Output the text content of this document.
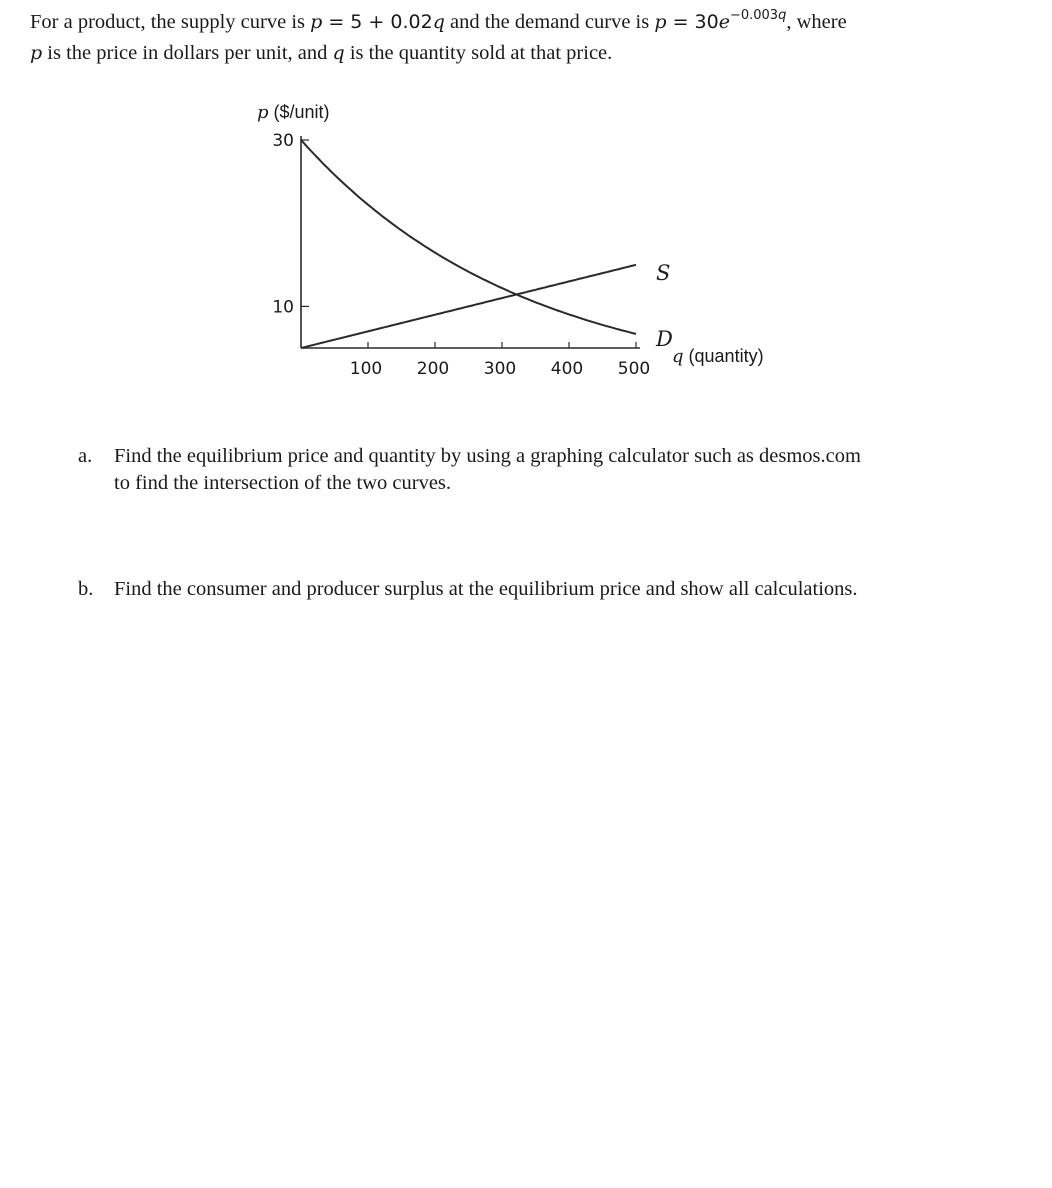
For a product, the supply curve is p = 5 + 0.02q and the demand curve is $p = 30e^{-0.003q}$, where
p is the price in dollars per unit, and q is the quantity sold at that price.
p ($/unit)
q (quantity)
100 200 300 400 500
30
10
S
D
a. Find the equilibrium price and quantity by using a graphing calculator such as desmos.com
to find the intersection of the two curves.
b. Find the consumer and producer surplus at the equilibrium price and show all calculations.
